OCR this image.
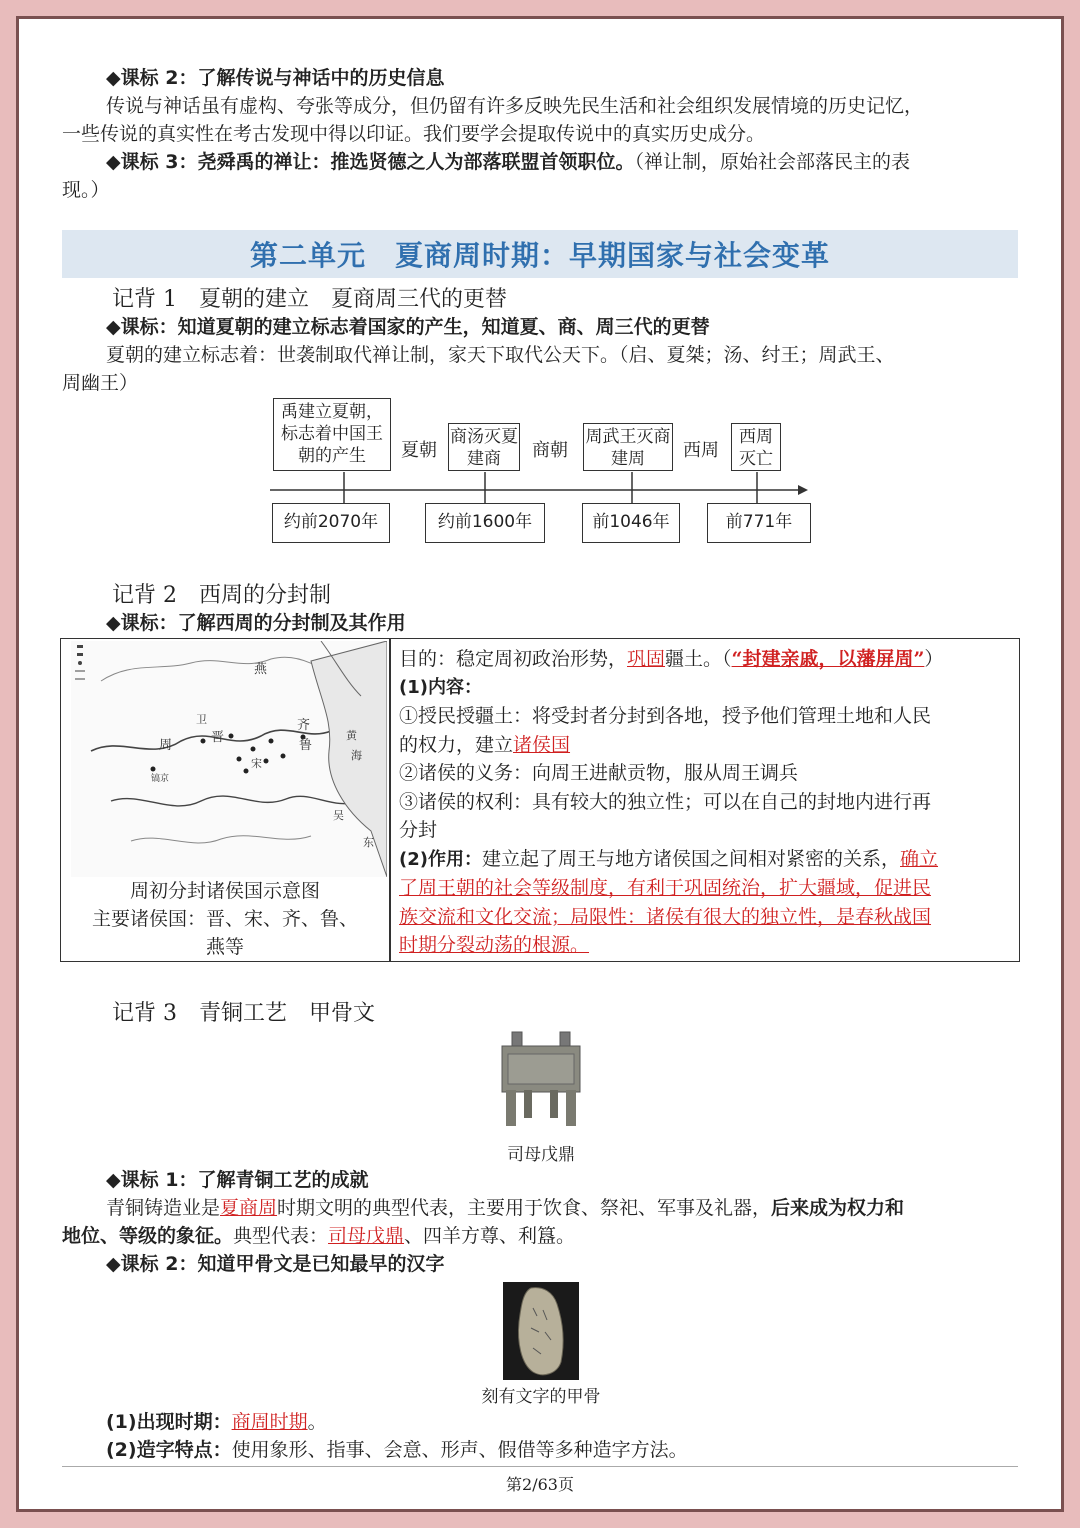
◆课标 2：了解传说与神话中的历史信息
传说与神话虽有虚构、夸张等成分，但仍留有许多反映先民生活和社会组织发展情境的历史记忆，
一些传说的真实性在考古发现中得以印证。我们要学会提取传说中的真实历史成分。
◆课标 3：尧舜禹的禅让：推选贤德之人为部落联盟首领职位。（禅让制，原始社会部落民主的表
现。）
第二单元　夏商周时期：早期国家与社会变革
记背 1　夏朝的建立　夏商周三代的更替
◆课标：知道夏朝的建立标志着国家的产生，知道夏、商、周三代的更替
夏朝的建立标志着：世袭制取代禅让制，家天下取代公天下。（启、夏桀；汤、纣王；周武王、
周幽王）
禹建立夏朝，标志着中国王朝的产生	夏朝
商汤灭夏建商	商朝
周武王灭商建周	西周
西周灭亡
约前2070年	约前1600年	前1046年	前771年
记背 2　西周的分封制
◆课标：了解西周的分封制及其作用
燕
周
晋
齐
鲁
宋
卫
镐京
黄
海
吴
东
周初分封诸侯国示意图
主要诸侯国：晋、宋、齐、鲁、
燕等
目的：稳定周初政治形势，巩固疆土。（“封建亲戚，以藩屏周”）
(1)内容：
①授民授疆土：将受封者分封到各地，授予他们管理土地和人民
的权力，建立诸侯国
②诸侯的义务：向周王进献贡物，服从周王调兵
③诸侯的权利：具有较大的独立性；可以在自己的封地内进行再
分封
(2)作用：建立起了周王与地方诸侯国之间相对紧密的关系，确立
了周王朝的社会等级制度，有利于巩固统治，扩大疆域，促进民
族交流和文化交流；局限性：诸侯有很大的独立性，是春秋战国
时期分裂动荡的根源。
记背 3　青铜工艺　甲骨文
司母戊鼎
◆课标 1：了解青铜工艺的成就
青铜铸造业是夏商周时期文明的典型代表，主要用于饮食、祭祀、军事及礼器，后来成为权力和
地位、等级的象征。典型代表：司母戊鼎、四羊方尊、利簋。
◆课标 2：知道甲骨文是已知最早的汉字
刻有文字的甲骨
(1)出现时期：商周时期。
(2)造字特点：使用象形、指事、会意、形声、假借等多种造字方法。
第2/63页
